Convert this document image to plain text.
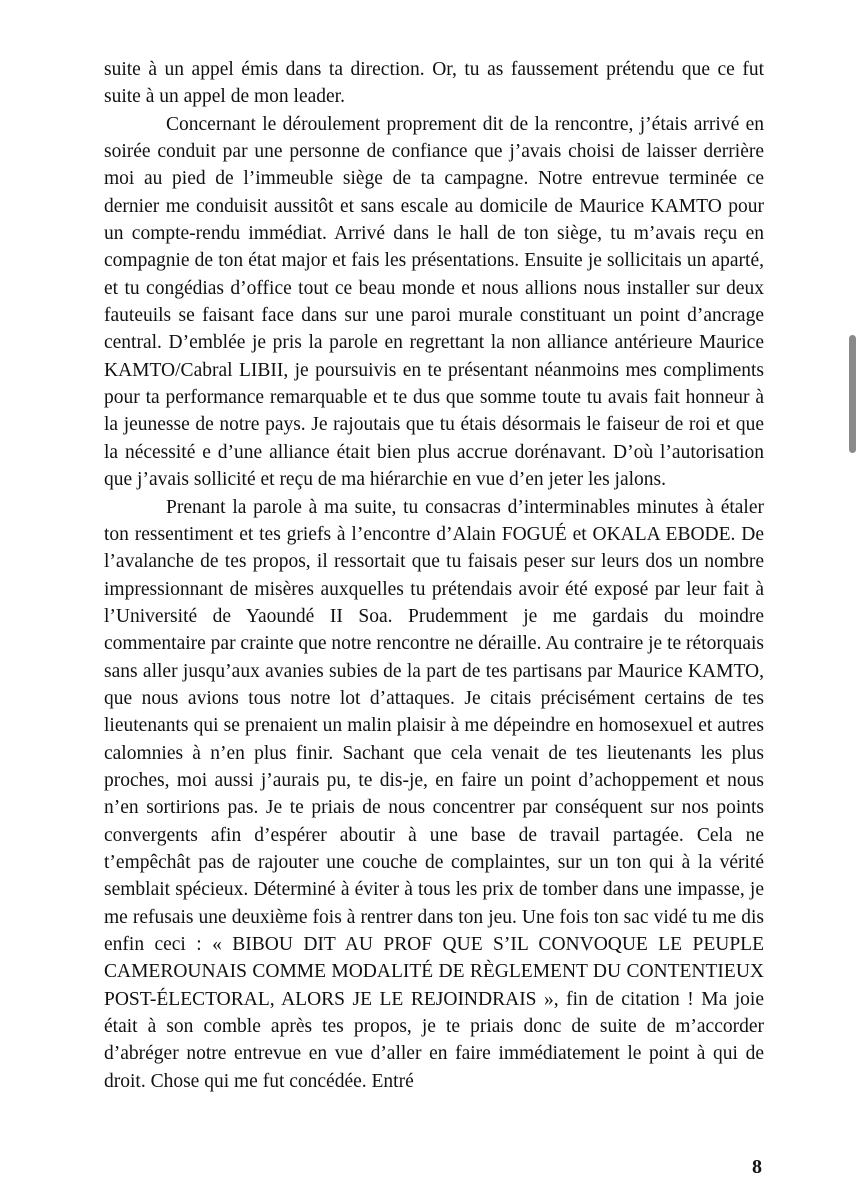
suite à un appel émis dans ta direction. Or, tu as faussement prétendu que ce fut suite à un appel de mon leader.

Concernant le déroulement proprement dit de la rencontre, j’étais arrivé en soirée conduit par une personne de confiance que j’avais choisi de laisser derrière moi au pied de l’immeuble siège de ta campagne. Notre entrevue terminée ce dernier me conduisit aussitôt et sans escale au domicile de Maurice KAMTO pour un compte-rendu immédiat. Arrivé dans le hall de ton siège, tu m’avais reçu en compagnie de ton état major et fais les présentations. Ensuite je sollicitais un aparté, et tu congédias d’office tout ce beau monde et nous allions nous installer sur deux fauteuils se faisant face dans sur une paroi murale constituant un point d’ancrage central. D’emblée je pris la parole en regrettant la non alliance antérieure Maurice KAMTO/Cabral LIBII, je poursuivis en te présentant néanmoins mes compliments pour ta performance remarquable et te dus que somme toute tu avais fait honneur à la jeunesse de notre pays. Je rajoutais que tu étais désormais le faiseur de roi et que la nécessité e d’une alliance était bien plus accrue dorénavant. D’où l’autorisation que j’avais sollicité et reçu de ma hiérarchie en vue d’en jeter les jalons.

Prenant la parole à ma suite, tu consacras d’interminables minutes à étaler ton ressentiment et tes griefs à l’encontre d’Alain FOGUÉ et OKALA EBODE. De l’avalanche de tes propos, il ressortait que tu faisais peser sur leurs dos un nombre impressionnant de misères auxquelles tu prétendais avoir été exposé par leur fait à l’Université de Yaoundé II Soa. Prudemment je me gardais du moindre commentaire par crainte que notre rencontre ne déraille. Au contraire je te rétorquais sans aller jusqu’aux avanies subies de la part de tes partisans par Maurice KAMTO, que nous avions tous notre lot d’attaques. Je citais précisément certains de tes lieutenants qui se prenaient un malin plaisir à me dépeindre en homosexuel et autres calomnies à n’en plus finir. Sachant que cela venait de tes lieutenants les plus proches, moi aussi j’aurais pu, te dis-je, en faire un point d’achoppement et nous n’en sortirions pas. Je te priais de nous concentrer par conséquent sur nos points convergents afin d’espérer aboutir à une base de travail partagée. Cela ne t’empêchât pas de rajouter une couche de complaintes, sur un ton qui à la vérité semblait spécieux. Déterminé à éviter à tous les prix de tomber dans une impasse, je me refusais une deuxième fois à rentrer dans ton jeu. Une fois ton sac vidé tu me dis enfin ceci : « BIBOU DIT AU PROF QUE S’IL CONVOQUE LE PEUPLE CAMEROUNAIS COMME MODALITÉ DE RÈGLEMENT DU CONTENTIEUX POST-ÉLECTORAL, ALORS JE LE REJOINDRAIS », fin de citation ! Ma joie était à son comble après tes propos, je te priais donc de suite de m’accorder d’abréger notre entrevue en vue d’aller en faire immédiatement le point à qui de droit. Chose qui me fut concédée. Entré

8
